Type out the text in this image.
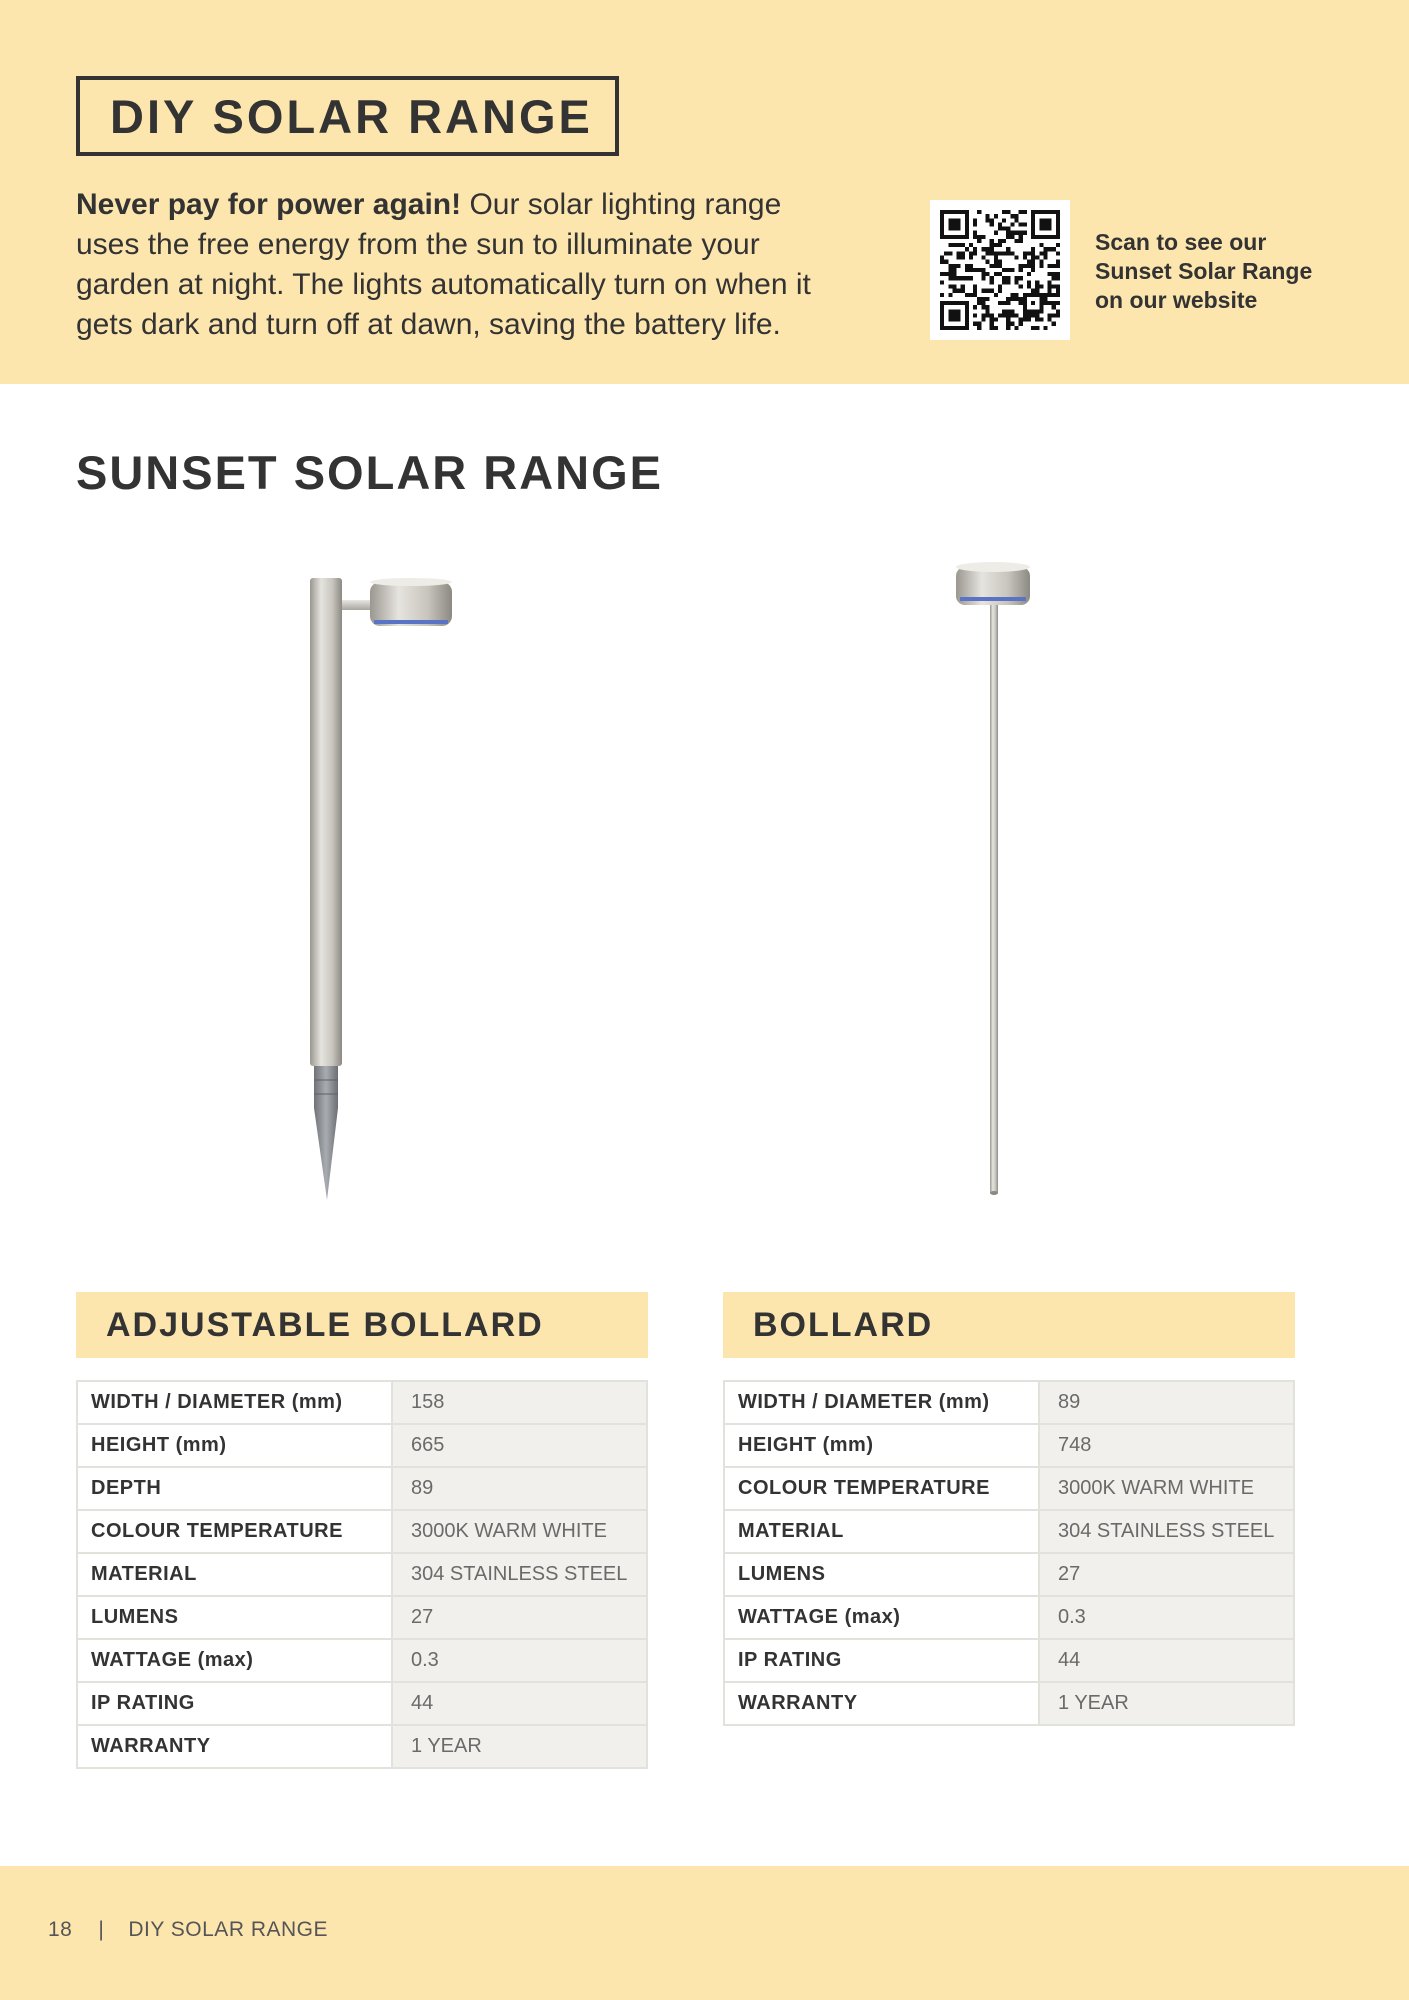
DIY SOLAR RANGE

Never pay for power again! Our solar lighting range uses the free energy from the sun to illuminate your garden at night. The lights automatically turn on when it gets dark and turn off at dawn, saving the battery life.

Scan to see our
Sunset Solar Range
on our website
SUNSET SOLAR RANGE
ADJUSTABLE BOLLARD	BOLLARD
WIDTH / DIAMETER (mm)	158
HEIGHT (mm)	665
DEPTH	89
COLOUR TEMPERATURE	3000K WARM WHITE
MATERIAL	304 STAINLESS STEEL
LUMENS	27
WATTAGE (max)	0.3
IP RATING	44
WARRANTY	1 YEAR
WIDTH / DIAMETER (mm)	89
HEIGHT (mm)	748
COLOUR TEMPERATURE	3000K WARM WHITE
MATERIAL	304 STAINLESS STEEL
LUMENS	27
WATTAGE (max)	0.3
IP RATING	44
WARRANTY	1 YEAR
18 | DIY SOLAR RANGE
